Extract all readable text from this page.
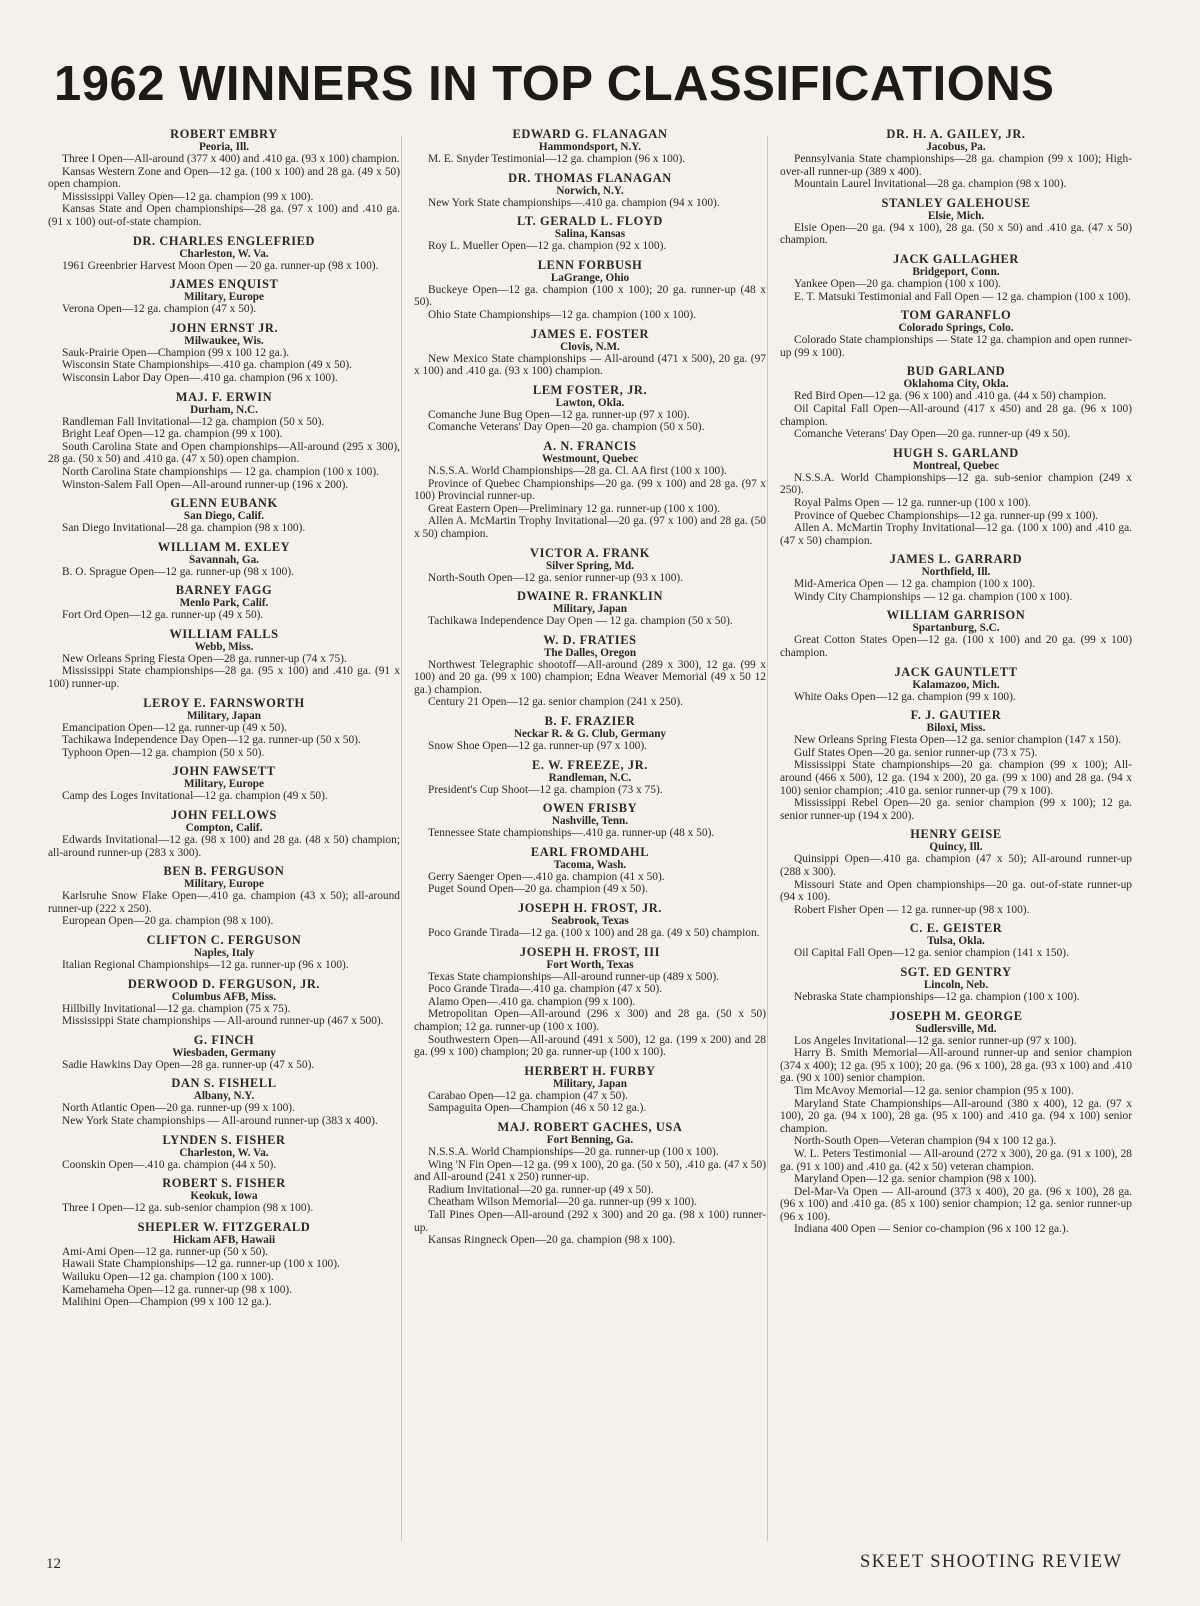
1962 WINNERS IN TOP CLASSIFICATIONS
ROBERT EMBRY
Peoria, Ill.

Three I Open—All-around (377 x 400) and .410 ga. (93 x 100) champion.

Kansas Western Zone and Open—12 ga. (100 x 100) and 28 ga. (49 x 50) open champion.

Mississippi Valley Open—12 ga. champion (99 x 100).

Kansas State and Open championships—28 ga. (97 x 100) and .410 ga. (91 x 100) out-of-state champion.

DR. CHARLES ENGLEFRIED
Charleston, W. Va.

1961 Greenbrier Harvest Moon Open — 20 ga. runner-up (98 x 100).

JAMES ENQUIST
Military, Europe

Verona Open—12 ga. champion (47 x 50).

JOHN ERNST JR.
Milwaukee, Wis.

Sauk-Prairie Open—Champion (99 x 100 12 ga.).

Wisconsin State Championships—.410 ga. champion (49 x 50).

Wisconsin Labor Day Open—.410 ga. champion (96 x 100).

MAJ. F. ERWIN
Durham, N.C.

Randleman Fall Invitational—12 ga. champion (50 x 50).

Bright Leaf Open—12 ga. champion (99 x 100).

South Carolina State and Open championships—All-around (295 x 300), 28 ga. (50 x 50) and .410 ga. (47 x 50) open champion.

North Carolina State championships — 12 ga. champion (100 x 100).

Winston-Salem Fall Open—All-around runner-up (196 x 200).

GLENN EUBANK
San Diego, Calif.

San Diego Invitational—28 ga. champion (98 x 100).

WILLIAM M. EXLEY
Savannah, Ga.

B. O. Sprague Open—12 ga. runner-up (98 x 100).

BARNEY FAGG
Menlo Park, Calif.

Fort Ord Open—12 ga. runner-up (49 x 50).

WILLIAM FALLS
Webb, Miss.

New Orleans Spring Fiesta Open—28 ga. runner-up (74 x 75).

Mississippi State championships—28 ga. (95 x 100) and .410 ga. (91 x 100) runner-up.

LEROY E. FARNSWORTH
Military, Japan

Emancipation Open—12 ga. runner-up (49 x 50).

Tachikawa Independence Day Open—12 ga. runner-up (50 x 50).

Typhoon Open—12 ga. champion (50 x 50).

JOHN FAWSETT
Military, Europe

Camp des Loges Invitational—12 ga. champion (49 x 50).

JOHN FELLOWS
Compton, Calif.

Edwards Invitational—12 ga. (98 x 100) and 28 ga. (48 x 50) champion; all-around runner-up (283 x 300).

BEN B. FERGUSON
Military, Europe

Karlsruhe Snow Flake Open—.410 ga. champion (43 x 50); all-around runner-up (222 x 250).

European Open—20 ga. champion (98 x 100).

CLIFTON C. FERGUSON
Naples, Italy

Italian Regional Championships—12 ga. runner-up (96 x 100).

DERWOOD D. FERGUSON, JR.
Columbus AFB, Miss.

Hillbilly Invitational—12 ga. champion (75 x 75).

Mississippi State championships — All-around runner-up (467 x 500).

G. FINCH
Wiesbaden, Germany

Sadie Hawkins Day Open—28 ga. runner-up (47 x 50).

DAN S. FISHELL
Albany, N.Y.

North Atlantic Open—20 ga. runner-up (99 x 100).

New York State championships — All-around runner-up (383 x 400).

LYNDEN S. FISHER
Charleston, W. Va.

Coonskin Open—.410 ga. champion (44 x 50).

ROBERT S. FISHER
Keokuk, Iowa

Three I Open—12 ga. sub-senior champion (98 x 100).

SHEPLER W. FITZGERALD
Hickam AFB, Hawaii

Ami-Ami Open—12 ga. runner-up (50 x 50).

Hawaii State Championships—12 ga. runner-up (100 x 100).

Wailuku Open—12 ga. champion (100 x 100).

Kamehameha Open—12 ga. runner-up (98 x 100).

Malihini Open—Champion (99 x 100 12 ga.).

EDWARD G. FLANAGAN
Hammondsport, N.Y.

M. E. Snyder Testimonial—12 ga. champion (96 x 100).

DR. THOMAS FLANAGAN
Norwich, N.Y.

New York State championships—.410 ga. champion (94 x 100).

LT. GERALD L. FLOYD
Salina, Kansas

Roy L. Mueller Open—12 ga. champion (92 x 100).

LENN FORBUSH
LaGrange, Ohio

Buckeye Open—12 ga. champion (100 x 100); 20 ga. runner-up (48 x 50).

Ohio State Championships—12 ga. champion (100 x 100).

JAMES E. FOSTER
Clovis, N.M.

New Mexico State championships — All-around (471 x 500), 20 ga. (97 x 100) and .410 ga. (93 x 100) champion.

LEM FOSTER, JR.
Lawton, Okla.

Comanche June Bug Open—12 ga. runner-up (97 x 100).

Comanche Veterans' Day Open—20 ga. champion (50 x 50).

A. N. FRANCIS
Westmount, Quebec

N.S.S.A. World Championships—28 ga. Cl. AA first (100 x 100).

Province of Quebec Championships—20 ga. (99 x 100) and 28 ga. (97 x 100) Provincial runner-up.

Great Eastern Open—Preliminary 12 ga. runner-up (100 x 100).

Allen A. McMartin Trophy Invitational—20 ga. (97 x 100) and 28 ga. (50 x 50) champion.

VICTOR A. FRANK
Silver Spring, Md.

North-South Open—12 ga. senior runner-up (93 x 100).

DWAINE R. FRANKLIN
Military, Japan

Tachikawa Independence Day Open — 12 ga. champion (50 x 50).

W. D. FRATIES
The Dalles, Oregon

Northwest Telegraphic shootoff—All-around (289 x 300), 12 ga. (99 x 100) and 20 ga. (99 x 100) champion; Edna Weaver Memorial (49 x 50 12 ga.) champion.

Century 21 Open—12 ga. senior champion (241 x 250).

B. F. FRAZIER
Neckar R. & G. Club, Germany

Snow Shoe Open—12 ga. runner-up (97 x 100).

E. W. FREEZE, JR.
Randleman, N.C.

President's Cup Shoot—12 ga. champion (73 x 75).

OWEN FRISBY
Nashville, Tenn.

Tennessee State championships—.410 ga. runner-up (48 x 50).

EARL FROMDAHL
Tacoma, Wash.

Gerry Saenger Open—.410 ga. champion (41 x 50).

Puget Sound Open—20 ga. champion (49 x 50).

JOSEPH H. FROST, JR.
Seabrook, Texas

Poco Grande Tirada—12 ga. (100 x 100) and 28 ga. (49 x 50) champion.

JOSEPH H. FROST, III
Fort Worth, Texas

Texas State championships—All-around runner-up (489 x 500).

Poco Grande Tirada—.410 ga. champion (47 x 50).

Alamo Open—.410 ga. champion (99 x 100).

Metropolitan Open—All-around (296 x 300) and 28 ga. (50 x 50) champion; 12 ga. runner-up (100 x 100).

Southwestern Open—All-around (491 x 500), 12 ga. (199 x 200) and 28 ga. (99 x 100) champion; 20 ga. runner-up (100 x 100).

HERBERT H. FURBY
Military, Japan

Carabao Open—12 ga. champion (47 x 50).

Sampaguita Open—Champion (46 x 50 12 ga.).

MAJ. ROBERT GACHES, USA
Fort Benning, Ga.

N.S.S.A. World Championships—20 ga. runner-up (100 x 100).

Wing 'N Fin Open—12 ga. (99 x 100), 20 ga. (50 x 50), .410 ga. (47 x 50) and All-around (241 x 250) runner-up.

Radium Invitational—20 ga. runner-up (49 x 50).

Cheatham Wilson Memorial—20 ga. runner-up (99 x 100).

Tall Pines Open—All-around (292 x 300) and 20 ga. (98 x 100) runner-up.

Kansas Ringneck Open—20 ga. champion (98 x 100).

DR. H. A. GAILEY, JR.
Jacobus, Pa.

Pennsylvania State championships—28 ga. champion (99 x 100); High-over-all runner-up (389 x 400).

Mountain Laurel Invitational—28 ga. champion (98 x 100).

STANLEY GALEHOUSE
Elsie, Mich.

Elsie Open—20 ga. (94 x 100), 28 ga. (50 x 50) and .410 ga. (47 x 50) champion.

JACK GALLAGHER
Bridgeport, Conn.

Yankee Open—20 ga. champion (100 x 100).

E. T. Matsuki Testimonial and Fall Open — 12 ga. champion (100 x 100).

TOM GARANFLO
Colorado Springs, Colo.

Colorado State championships — State 12 ga. champion and open runner-up (99 x 100).

BUD GARLAND
Oklahoma City, Okla.

Red Bird Open—12 ga. (96 x 100) and .410 ga. (44 x 50) champion.

Oil Capital Fall Open—All-around (417 x 450) and 28 ga. (96 x 100) champion.

Comanche Veterans' Day Open—20 ga. runner-up (49 x 50).

HUGH S. GARLAND
Montreal, Quebec

N.S.S.A. World Championships—12 ga. sub-senior champion (249 x 250).

Royal Palms Open — 12 ga. runner-up (100 x 100).

Province of Quebec Championships—12 ga. runner-up (99 x 100).

Allen A. McMartin Trophy Invitational—12 ga. (100 x 100) and .410 ga. (47 x 50) champion.

JAMES L. GARRARD
Northfield, Ill.

Mid-America Open — 12 ga. champion (100 x 100).

Windy City Championships — 12 ga. champion (100 x 100).

WILLIAM GARRISON
Spartanburg, S.C.

Great Cotton States Open—12 ga. (100 x 100) and 20 ga. (99 x 100) champion.

JACK GAUNTLETT
Kalamazoo, Mich.

White Oaks Open—12 ga. champion (99 x 100).

F. J. GAUTIER
Biloxi, Miss.

New Orleans Spring Fiesta Open—12 ga. senior champion (147 x 150).

Gulf States Open—20 ga. senior runner-up (73 x 75).

Mississippi State championships—20 ga. champion (99 x 100); All-around (466 x 500), 12 ga. (194 x 200), 20 ga. (99 x 100) and 28 ga. (94 x 100) senior champion; .410 ga. senior runner-up (79 x 100).

Mississippi Rebel Open—20 ga. senior champion (99 x 100); 12 ga. senior runner-up (194 x 200).

HENRY GEISE
Quincy, Ill.

Quinsippi Open—.410 ga. champion (47 x 50); All-around runner-up (288 x 300).

Missouri State and Open championships—20 ga. out-of-state runner-up (94 x 100).

Robert Fisher Open — 12 ga. runner-up (98 x 100).

C. E. GEISTER
Tulsa, Okla.

Oil Capital Fall Open—12 ga. senior champion (141 x 150).

SGT. ED GENTRY
Lincoln, Neb.

Nebraska State championships—12 ga. champion (100 x 100).

JOSEPH M. GEORGE
Sudlersville, Md.

Los Angeles Invitational—12 ga. senior runner-up (97 x 100).

Harry B. Smith Memorial—All-around runner-up and senior champion (374 x 400); 12 ga. (95 x 100); 20 ga. (96 x 100), 28 ga. (93 x 100) and .410 ga. (90 x 100) senior champion.

Tim McAvoy Memorial—12 ga. senior champion (95 x 100).

Maryland State Championships—All-around (380 x 400), 12 ga. (97 x 100), 20 ga. (94 x 100), 28 ga. (95 x 100) and .410 ga. (94 x 100) senior champion.

North-South Open—Veteran champion (94 x 100 12 ga.).

W. L. Peters Testimonial — All-around (272 x 300), 20 ga. (91 x 100), 28 ga. (91 x 100) and .410 ga. (42 x 50) veteran champion.

Maryland Open—12 ga. senior champion (98 x 100).

Del-Mar-Va Open — All-around (373 x 400), 20 ga. (96 x 100), 28 ga. (96 x 100) and .410 ga. (85 x 100) senior champion; 12 ga. senior runner-up (96 x 100).

Indiana 400 Open — Senior co-champion (96 x 100 12 ga.).

12	SKEET SHOOTING REVIEW
